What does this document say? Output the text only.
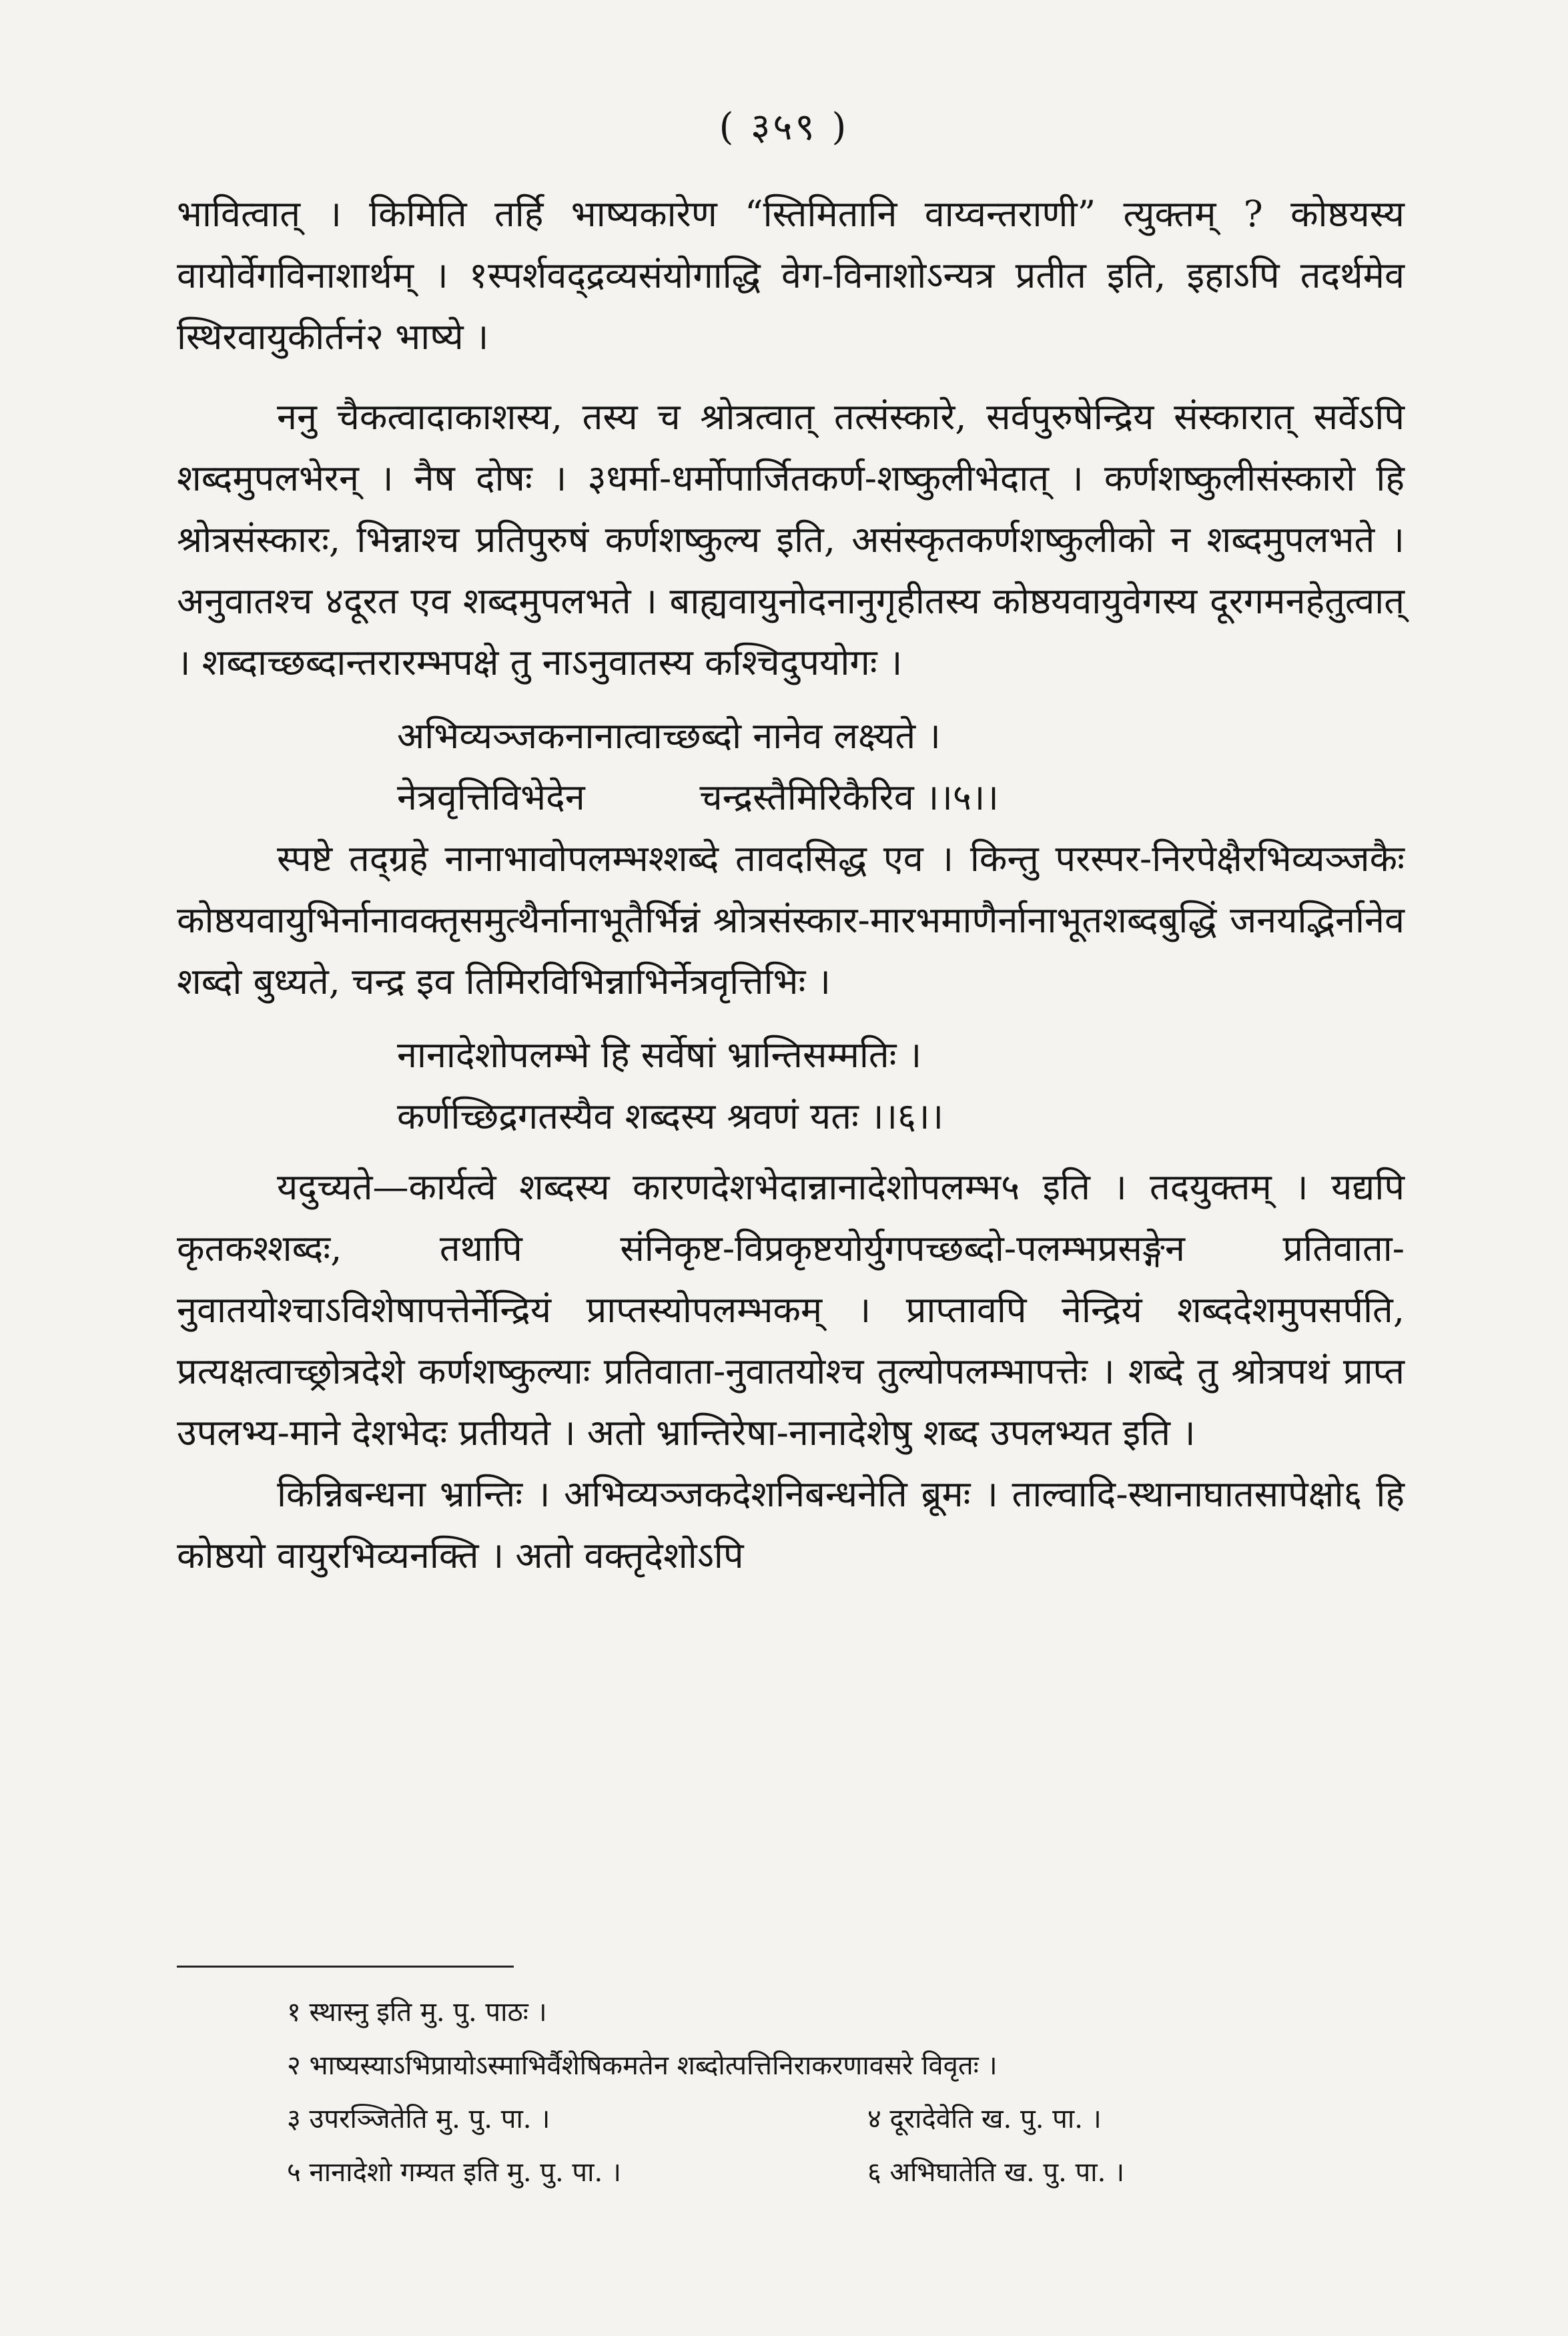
( ३५९ )

भावित्वात् । किमिति तर्हि भाष्यकारेण “स्तिमितानि वाय्वन्तराणी” त्युक्तम् ? कोष्ठयस्य वायोर्वेगविनाशार्थम् । १स्पर्शवद्द्रव्यसंयोगाद्धि वेग-विनाशोऽन्यत्र प्रतीत इति, इहाऽपि तदर्थमेव स्थिरवायुकीर्तनं२ भाष्ये ।

ननु चैकत्वादाकाशस्य, तस्य च श्रोत्रत्वात् तत्संस्कारे, सर्वपुरुषेन्द्रिय संस्कारात् सर्वेऽपि शब्दमुपलभेरन् । नैष दोषः । ३धर्मा-धर्मोपार्जितकर्ण-शष्कुलीभेदात् । कर्णशष्कुलीसंस्कारो हि श्रोत्रसंस्कारः, भिन्नाश्च प्रतिपुरुषं कर्णशष्कुल्य इति, असंस्कृतकर्णशष्कुलीको न शब्दमुपलभते । अनुवातश्च ४दूरत एव शब्दमुपलभते । बाह्यवायुनोदनानुगृहीतस्य कोष्ठयवायुवेगस्य दूरगमनहेतुत्वात् । शब्दाच्छब्दान्तरारम्भपक्षे तु नाऽनुवातस्य कश्चिदुपयोगः ।

अभिव्यञ्जकनानात्वाच्छब्दो नानेव लक्ष्यते ।

नेत्रवृत्तिविभेदेन          चन्द्रस्तैमिरिकैरिव ।।५।।

स्पष्टे तद्ग्रहे नानाभावोपलम्भश्शब्दे तावदसिद्ध एव । किन्तु परस्पर-निरपेक्षैरभिव्यञ्जकैः कोष्ठयवायुभिर्नानावक्तृसमुत्थैर्नानाभूतैर्भिन्नं श्रोत्रसंस्कार-मारभमाणैर्नानाभूतशब्दबुद्धिं जनयद्भिर्नानेव शब्दो बुध्यते, चन्द्र इव तिमिरविभिन्नाभिर्नेत्रवृत्तिभिः ।

नानादेशोपलम्भे हि सर्वेषां भ्रान्तिसम्मतिः ।

कर्णच्छिद्रगतस्यैव शब्दस्य श्रवणं यतः ।।६।।

यदुच्यते—कार्यत्वे शब्दस्य कारणदेशभेदान्नानादेशोपलम्भ५ इति । तदयुक्तम् । यद्यपि कृतकश्शब्दः, तथापि संनिकृष्ट-विप्रकृष्टयोर्युगपच्छब्दो-पलम्भप्रसङ्गेन प्रतिवाता-नुवातयोश्चाऽविशेषापत्तेर्नेन्द्रियं प्राप्तस्योपलम्भकम् । प्राप्तावपि नेन्द्रियं शब्ददेशमुपसर्पति, प्रत्यक्षत्वाच्छ्रोत्रदेशे कर्णशष्कुल्याः प्रतिवाता-नुवातयोश्च तुल्योपलम्भापत्तेः । शब्दे तु श्रोत्रपथं प्राप्त उपलभ्य-माने देशभेदः प्रतीयते । अतो भ्रान्तिरेषा-नानादेशेषु शब्द उपलभ्यत इति ।

किन्निबन्धना भ्रान्तिः । अभिव्यञ्जकदेशनिबन्धनेति ब्रूमः । ताल्वादि-स्थानाघातसापेक्षो६ हि कोष्ठयो वायुरभिव्यनक्ति । अतो वक्तृदेशोऽपि

१ स्थास्नु इति मु. पु. पाठः ।
२ भाष्यस्याऽभिप्रायोऽस्माभिर्वैशेषिकमतेन शब्दोत्पत्तिनिराकरणावसरे विवृतः ।
३ उपरञ्जितेति मु. पु. पा. ।	४ दूरादेवेति ख. पु. पा. ।
५ नानादेशो गम्यत इति मु. पु. पा. ।	६ अभिघातेति ख. पु. पा. ।
